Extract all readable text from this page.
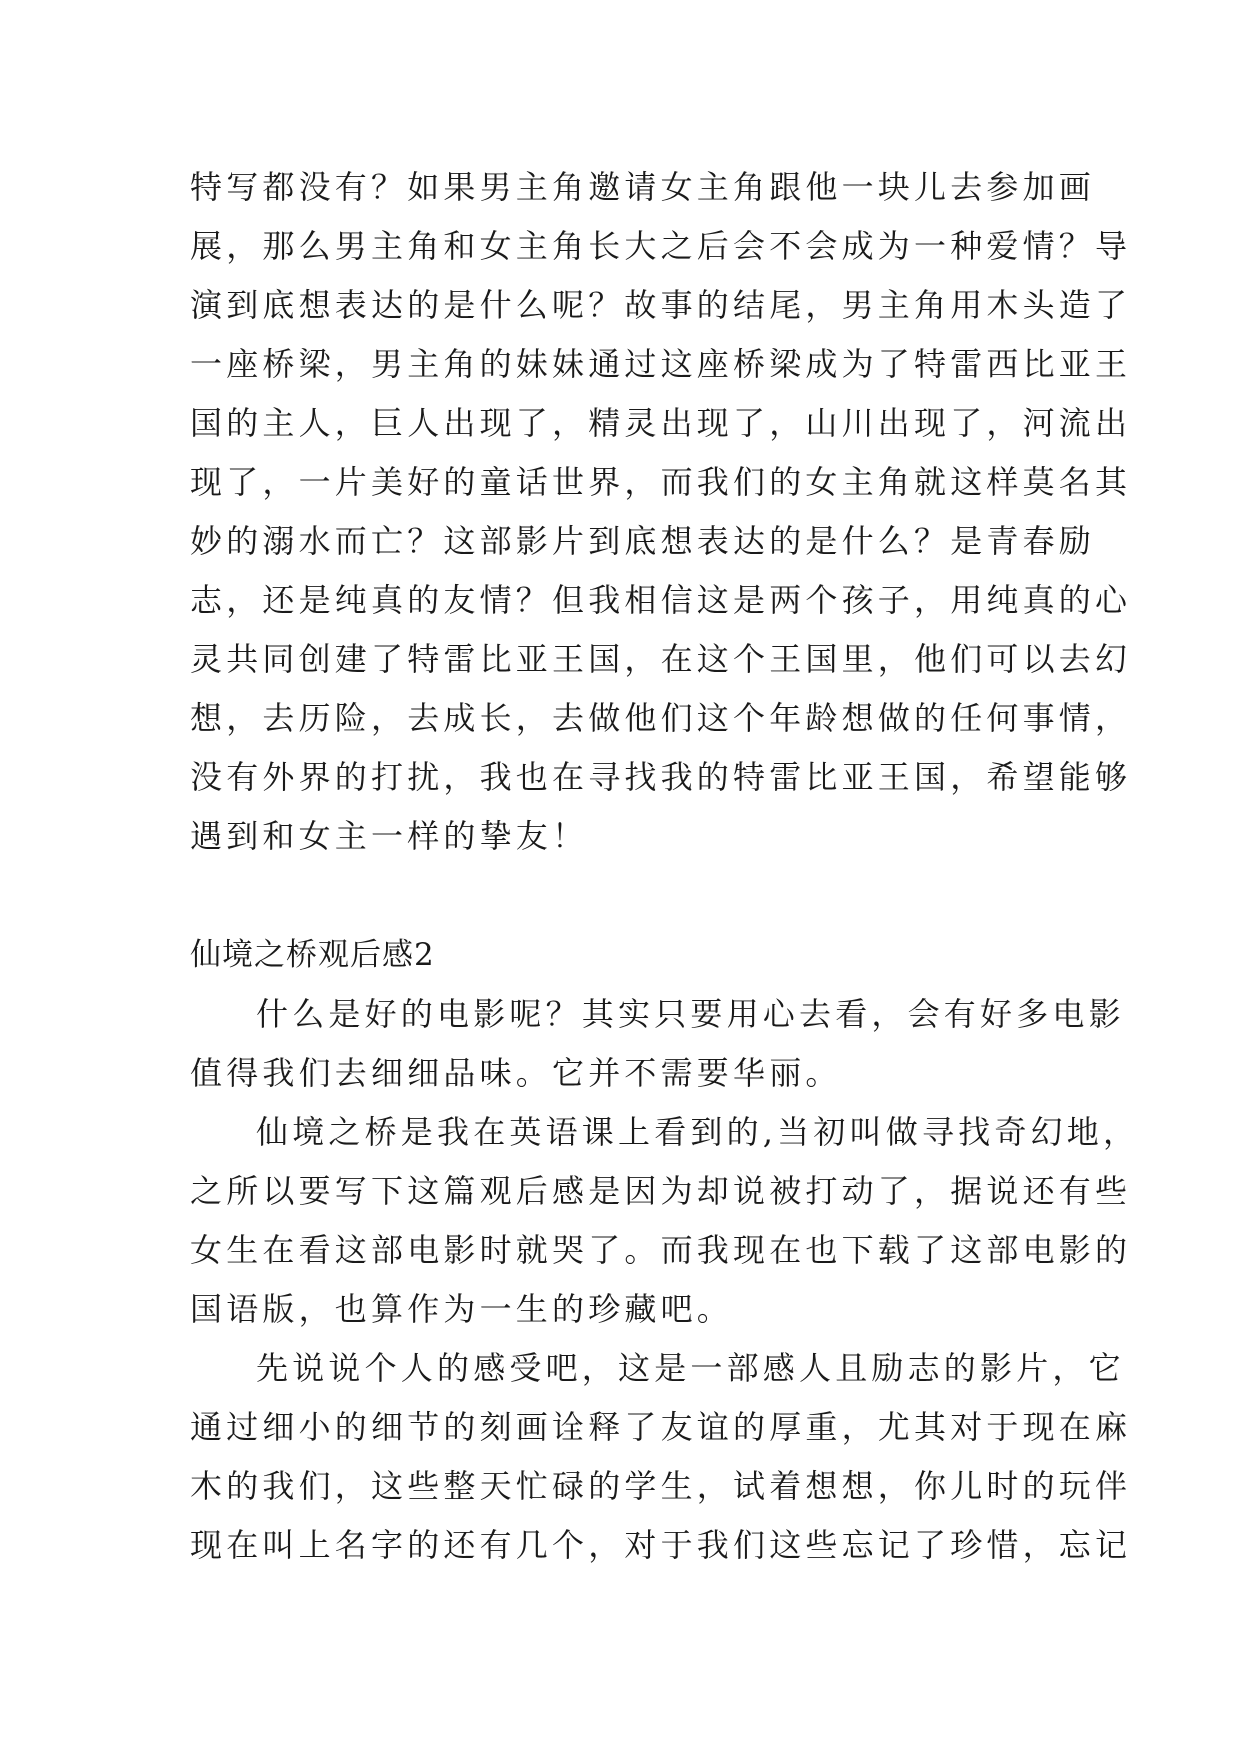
特写都没有？如果男主角邀请女主角跟他一块儿去参加画
展，那么男主角和女主角长大之后会不会成为一种爱情？导
演到底想表达的是什么呢？故事的结尾，男主角用木头造了
一座桥梁，男主角的妹妹通过这座桥梁成为了特雷西比亚王
国的主人，巨人出现了，精灵出现了，山川出现了，河流出
现了，一片美好的童话世界，而我们的女主角就这样莫名其
妙的溺水而亡？这部影片到底想表达的是什么？是青春励
志，还是纯真的友情？但我相信这是两个孩子，用纯真的心
灵共同创建了特雷比亚王国，在这个王国里，他们可以去幻
想，去历险，去成长，去做他们这个年龄想做的任何事情，
没有外界的打扰，我也在寻找我的特雷比亚王国，希望能够
遇到和女主一样的挚友！
仙境之桥观后感2
什么是好的电影呢？其实只要用心去看，会有好多电影
值得我们去细细品味。它并不需要华丽。
仙境之桥是我在英语课上看到的,当初叫做寻找奇幻地，
之所以要写下这篇观后感是因为却说被打动了，据说还有些
女生在看这部电影时就哭了。而我现在也下载了这部电影的
国语版，也算作为一生的珍藏吧。
先说说个人的感受吧，这是一部感人且励志的影片，它
通过细小的细节的刻画诠释了友谊的厚重，尤其对于现在麻
木的我们，这些整天忙碌的学生，试着想想，你儿时的玩伴
现在叫上名字的还有几个，对于我们这些忘记了珍惜，忘记
